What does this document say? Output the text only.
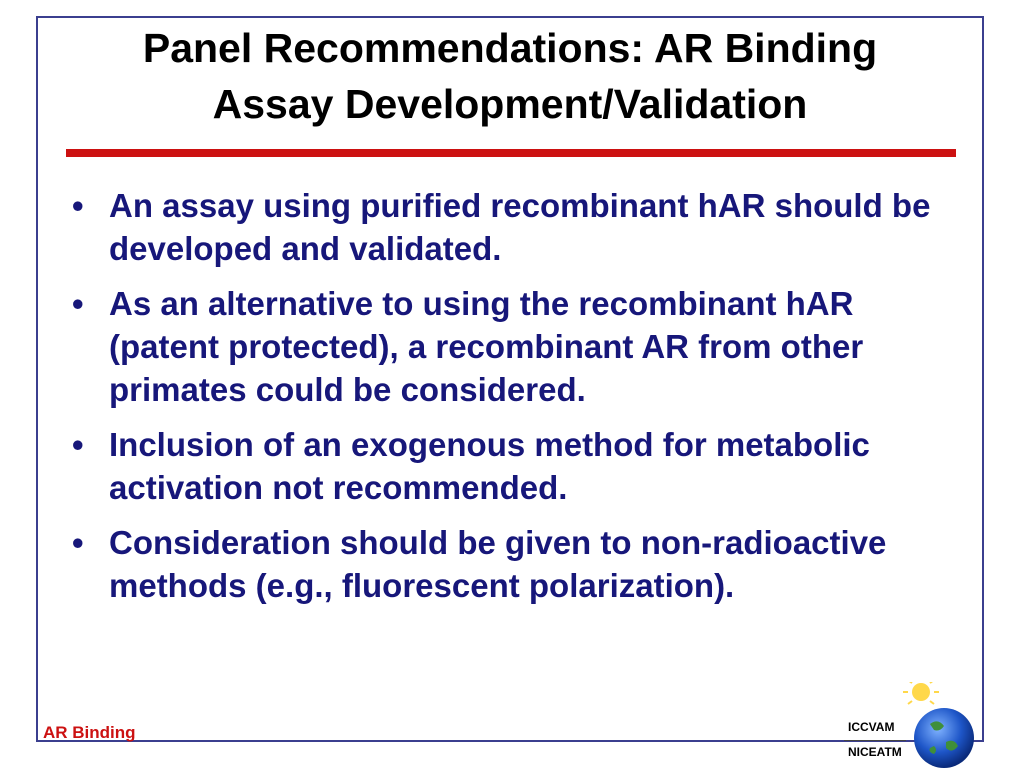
Panel Recommendations: AR Binding
Assay Development/Validation
• An assay using purified recombinant hAR should be developed and validated.
• As an alternative to using the recombinant hAR (patent protected), a recombinant AR from other primates could be considered.
• Inclusion of an exogenous method for metabolic activation not recommended.
• Consideration should be given to non-radioactive methods (e.g., fluorescent polarization).
AR Binding	ICCVAM
NICEATM
